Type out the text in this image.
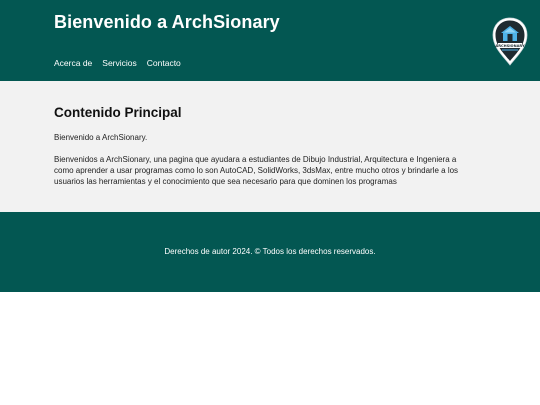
Bienvenido a ArchSionary
Acerca de Servicios Contacto
ARCHSIONARY
Contenido Principal

Bienvenido a ArchSionary.

Bienvenidos a ArchSionary, una pagina que ayudara a estudiantes de Dibujo Industrial, Arquitectura e Ingeniera a como aprender a usar programas como lo son AutoCAD, SolidWorks, 3dsMax, entre mucho otros y brindarle a los usuarios las herramientas y el conocimiento que sea necesario para que dominen los programas

Derechos de autor 2024. © Todos los derechos reservados.
